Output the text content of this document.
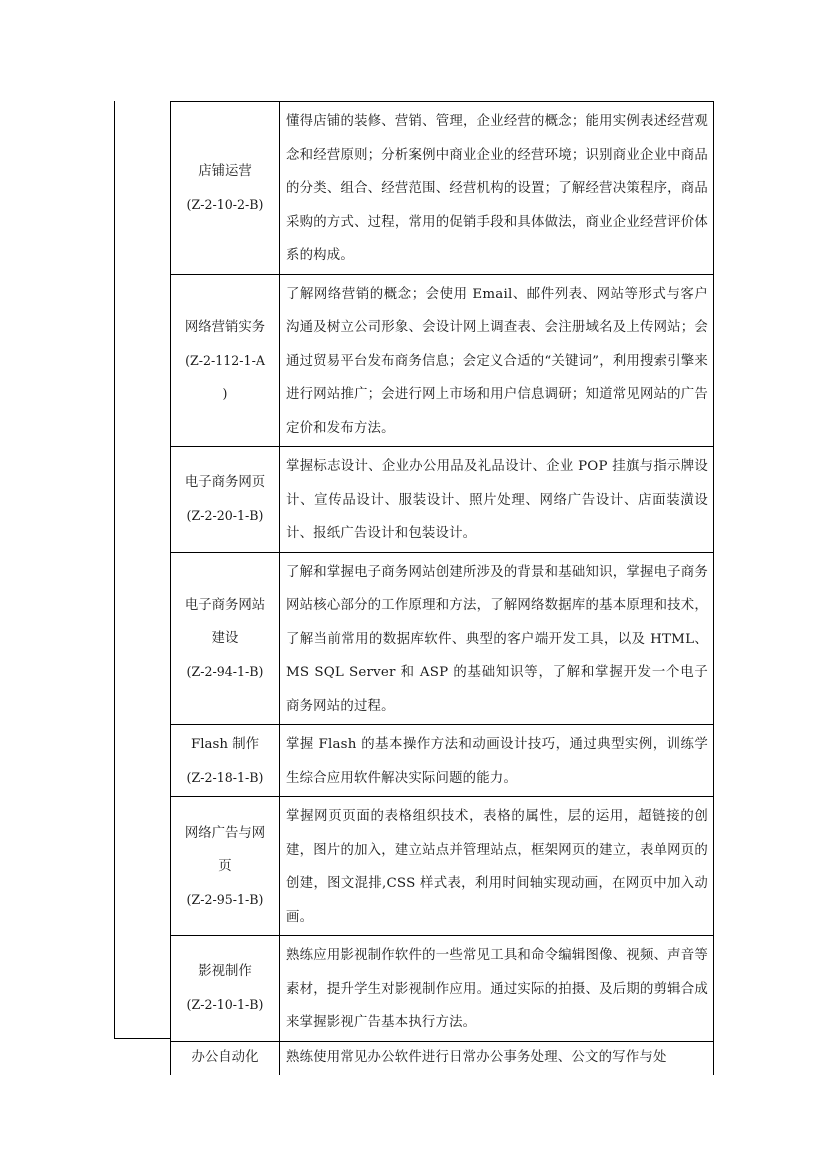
店铺运营
(Z-2-10-2-B)	懂得店铺的装修、营销、管理，企业经营的概念；能用实例表述经营观念和经营原则；分析案例中商业企业的经营环境；识别商业企业中商品的分类、组合、经营范围、经营机构的设置；了解经营决策程序，商品采购的方式、过程，常用的促销手段和具体做法，商业企业经营评价体系的构成。

网络营销实务
(Z-2-112-1-A
)	了解网络营销的概念；会使用 Email、邮件列表、网站等形式与客户沟通及树立公司形象、会设计网上调查表、会注册域名及上传网站；会通过贸易平台发布商务信息；会定义合适的“关键词”，利用搜索引擎来进行网站推广；会进行网上市场和用户信息调研；知道常见网站的广告定价和发布方法。

电子商务网页
(Z-2-20-1-B)	掌握标志设计、企业办公用品及礼品设计、企业 POP 挂旗与指示牌设计、宣传品设计、服装设计、照片处理、网络广告设计、店面装潢设计、报纸广告设计和包装设计。

电子商务网站
建设
(Z-2-94-1-B)	了解和掌握电子商务网站创建所涉及的背景和基础知识，掌握电子商务网站核心部分的工作原理和方法，了解网络数据库的基本原理和技术，了解当前常用的数据库软件、典型的客户端开发工具，以及 HTML、MS SQL Server 和 ASP 的基础知识等，了解和掌握开发一个电子商务网站的过程。

Flash 制作
(Z-2-18-1-B)	掌握 Flash 的基本操作方法和动画设计技巧，通过典型实例，训练学生综合应用软件解决实际问题的能力。

网络广告与网
页
(Z-2-95-1-B)	掌握网页页面的表格组织技术，表格的属性，层的运用，超链接的创建，图片的加入，建立站点并管理站点，框架网页的建立，表单网页的创建，图文混排,CSS 样式表，利用时间轴实现动画，在网页中加入动画。

影视制作
(Z-2-10-1-B)	熟练应用影视制作软件的一些常见工具和命令编辑图像、视频、声音等素材，提升学生对影视制作应用。通过实际的拍摄、及后期的剪辑合成来掌握影视广告基本执行方法。

办公自动化	熟练使用常见办公软件进行日常办公事务处理、公文的写作与处
